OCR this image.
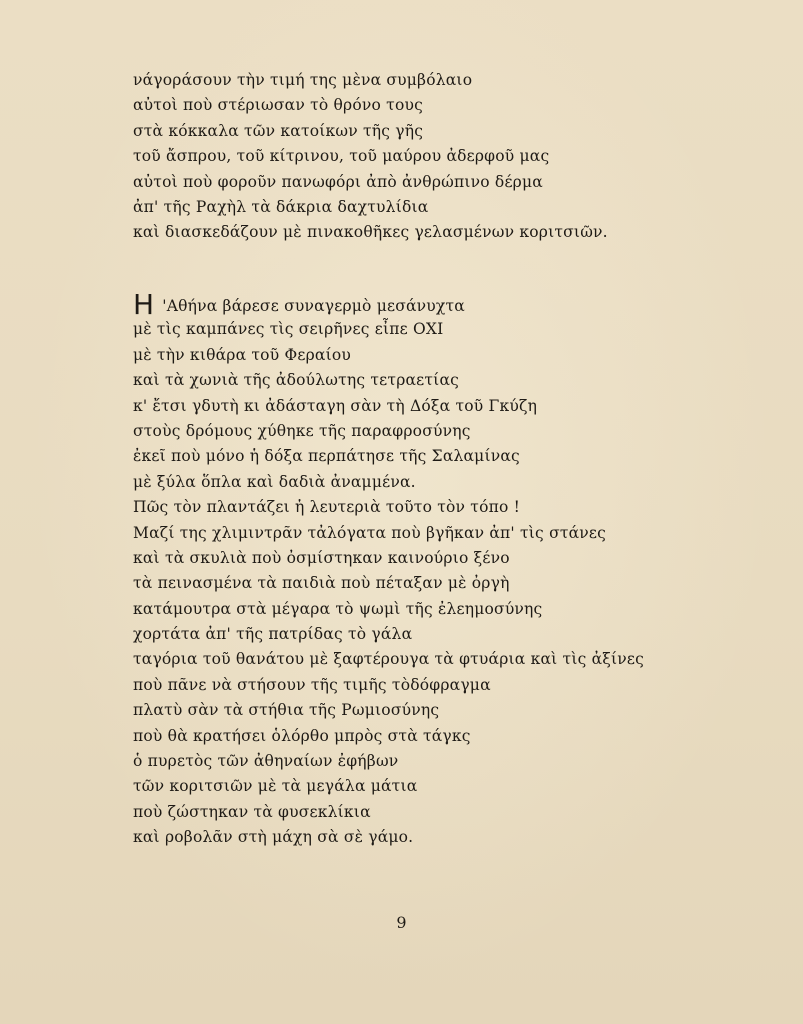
νάγοράσουν τὴν τιμή της μὲνα συμβόλαιο
αὐτοὶ ποὺ στέριωσαν τὸ θρόνο τους
στὰ κόκκαλα τῶν κατοίκων τῆς γῆς
τοῦ ἄσπρου, τοῦ κίτρινου, τοῦ μαύρου ἀδερφοῦ μας
αὐτοὶ ποὺ φοροῦν πανωφόρι ἀπὸ ἀνθρώπινο δέρμα
ἀπ' τῆς Ραχὴλ τὰ δάκρια δαχτυλίδια
καὶ διασκεδάζουν μὲ πινακοθῆκες γελασμένων κοριτσιῶν.
Η 'Αθήνα βάρεσε συναγερμὸ μεσάνυχτα
μὲ τὶς καμπάνες τὶς σειρῆνες εἶπε ΟΧΙ
μὲ τὴν κιθάρα τοῦ Φεραίου
καὶ τὰ χωνιὰ τῆς ἀδούλωτης τετραετίας
κ' ἔτσι γδυτὴ κι ἀδάσταγη σὰν τὴ Δόξα τοῦ Γκύζη
στοὺς δρόμους χύθηκε τῆς παραφροσύνης
ἐκεῖ ποὺ μόνο ἡ δόξα περπάτησε τῆς Σαλαμίνας
μὲ ξύλα ὅπλα καὶ δαδιὰ ἀναμμένα.
Πῶς τὸν πλαντάζει ἡ λευτεριὰ τοῦτο τὸν τόπο !
Μαζί της χλιμιντρᾶν τἀλόγατα ποὺ βγῆκαν ἀπ' τὶς στάνες
καὶ τὰ σκυλιὰ ποὺ ὀσμίστηκαν καινούριο ξένο
τὰ πεινασμένα τὰ παιδιὰ ποὺ πέταξαν μὲ ὀργὴ
κατάμουτρα στὰ μέγαρα τὸ ψωμὶ τῆς ἐλεημοσύνης
χορτάτα ἀπ' τῆς πατρίδας τὸ γάλα
ταγόρια τοῦ θανάτου μὲ ξαφτέρουγα τὰ φτυάρια καὶ τὶς ἀξίνες
ποὺ πᾶνε νὰ στήσουν τῆς τιμῆς τὸδόφραγμα
πλατὺ σὰν τὰ στήθια τῆς Ρωμιοσύνης
ποὺ θὰ κρατήσει ὁλόρθο μπρὸς στὰ τάγκς
ὁ πυρετὸς τῶν ἀθηναίων ἐφήβων
τῶν κοριτσιῶν μὲ τὰ μεγάλα μάτια
ποὺ ζώστηκαν τὰ φυσεκλίκια
καὶ ροβολᾶν στὴ μάχη σὰ σὲ γάμο.
9
